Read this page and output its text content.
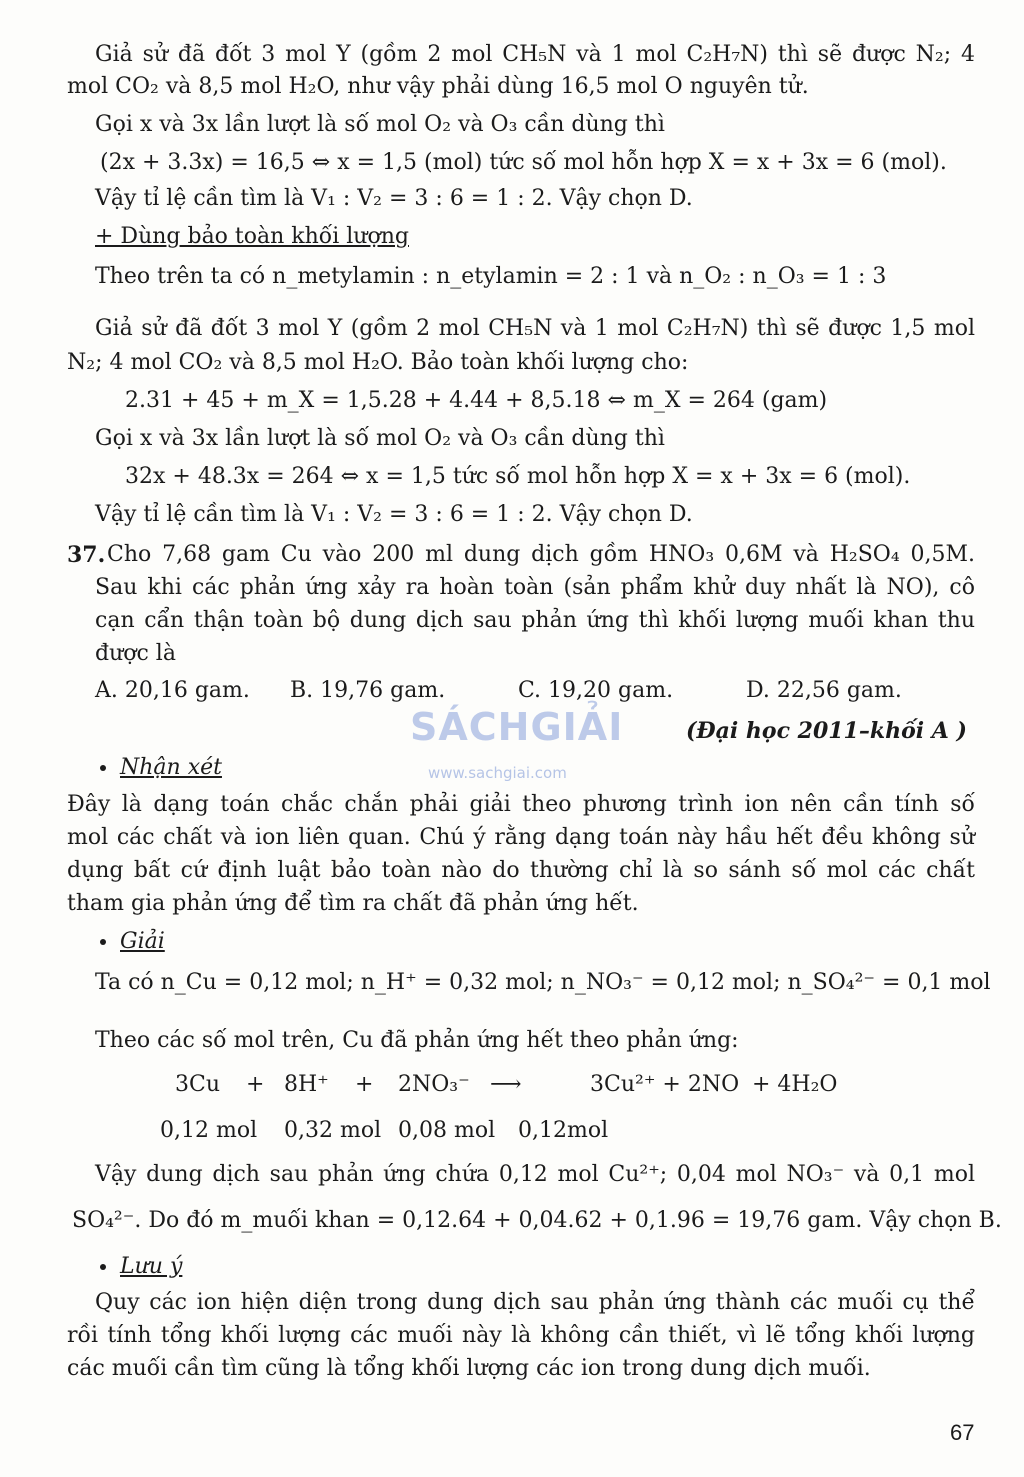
Giả sử đã đốt 3 mol Y (gồm 2 mol CH₅N và 1 mol C₂H₇N) thì sẽ được N₂; 4
mol CO₂ và 8,5 mol H₂O, như vậy phải dùng 16,5 mol O nguyên tử.
Gọi x và 3x lần lượt là số mol O₂ và O₃ cần dùng thì
(2x + 3.3x) = 16,5 ⇔ x = 1,5 (mol) tức số mol hỗn hợp X = x + 3x = 6 (mol).
Vậy tỉ lệ cần tìm là V₁ : V₂ = 3 : 6 = 1 : 2. Vậy chọn D.
+ Dùng bảo toàn khối lượng
Theo trên ta có n_metylamin : n_etylamin = 2 : 1 và n_O₂ : n_O₃ = 1 : 3
Giả sử đã đốt 3 mol Y (gồm 2 mol CH₅N và 1 mol C₂H₇N) thì sẽ được 1,5 mol
N₂; 4 mol CO₂ và 8,5 mol H₂O. Bảo toàn khối lượng cho:
2.31 + 45 + m_X = 1,5.28 + 4.44 + 8,5.18 ⇔ m_X = 264 (gam)
Gọi x và 3x lần lượt là số mol O₂ và O₃ cần dùng thì
32x + 48.3x = 264 ⇔ x = 1,5 tức số mol hỗn hợp X = x + 3x = 6 (mol).
Vậy tỉ lệ cần tìm là V₁ : V₂ = 3 : 6 = 1 : 2. Vậy chọn D.
37. Cho 7,68 gam Cu vào 200 ml dung dịch gồm HNO₃ 0,6M và H₂SO₄ 0,5M.
Sau khi các phản ứng xảy ra hoàn toàn (sản phẩm khử duy nhất là NO), cô
cạn cẩn thận toàn bộ dung dịch sau phản ứng thì khối lượng muối khan thu
được là
A. 20,16 gam. B. 19,76 gam.	C. 19,20 gam.	D. 22,56 gam.
(Đại học 2011–khối A )
SÁCHGIẢI
www.sachgiai.com
Nhận xét
Đây là dạng toán chắc chắn phải giải theo phương trình ion nên cần tính số
mol các chất và ion liên quan. Chú ý rằng dạng toán này hầu hết đều không sử
dụng bất cứ định luật bảo toàn nào do thường chỉ là so sánh số mol các chất
tham gia phản ứng để tìm ra chất đã phản ứng hết.
Giải
Ta có n_Cu = 0,12 mol; n_H⁺ = 0,32 mol; n_NO₃⁻ = 0,12 mol; n_SO₄²⁻ = 0,1 mol
Theo các số mol trên, Cu đã phản ứng hết theo phản ứng:
3Cu + 8H⁺ + 2NO₃⁻ ⟶	3Cu²⁺ + 2NO + 4H₂O
0,12 mol 0,32 mol 0,08 mol 0,12mol
Vậy dung dịch sau phản ứng chứa 0,12 mol Cu²⁺; 0,04 mol NO₃⁻ và 0,1 mol
SO₄²⁻. Do đó m_muối khan = 0,12.64 + 0,04.62 + 0,1.96 = 19,76 gam. Vậy chọn B.
Lưu ý
Quy các ion hiện diện trong dung dịch sau phản ứng thành các muối cụ thể
rồi tính tổng khối lượng các muối này là không cần thiết, vì lẽ tổng khối lượng
các muối cần tìm cũng là tổng khối lượng các ion trong dung dịch muối.
67
